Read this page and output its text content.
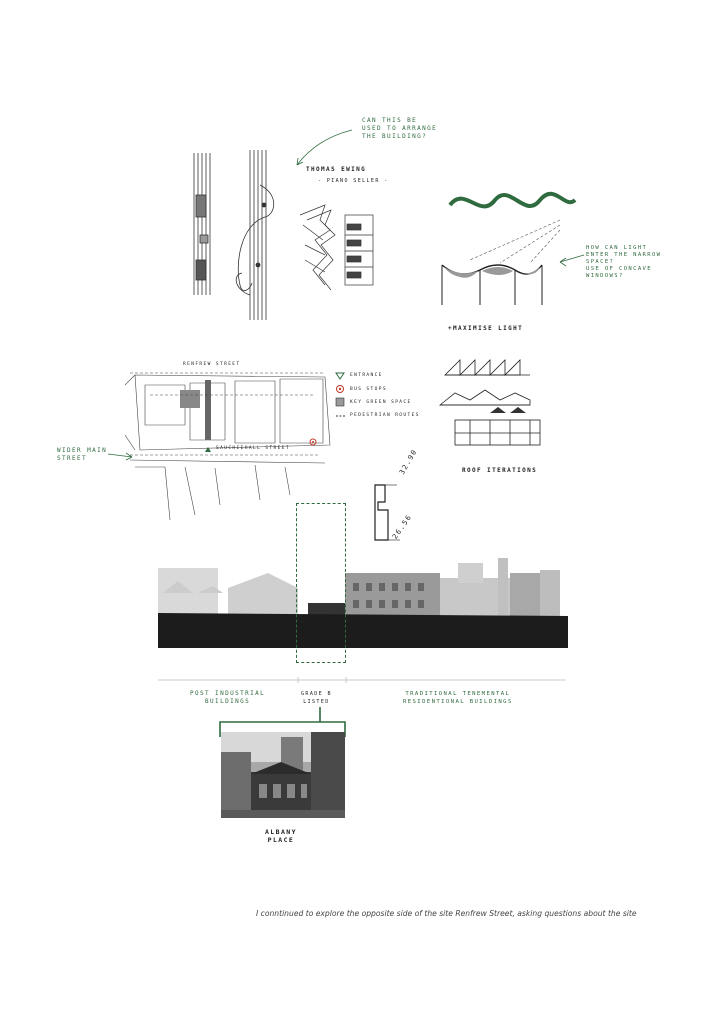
CAN THIS BE
USED TO ARRANGE
THE BUILDING?
THOMAS EWING
- PIANO SELLER -
HOW CAN LIGHT
ENTER THE NARROW
SPACE?
USE OF CONCAVE
WINDOWS?
+MAXIMISE LIGHT
RENFREW STREET
SAUCHIEHALL STREET
WIDER MAIN
STREET
ENTRANCE
BUS STOPS
KEY GREEN SPACE
PEDESTRIAN ROUTES
ROOF ITERATIONS
32.90
26.56
POST INDUSTRIAL
BUILDINGS
GRADE B
LISTED
TRADITIONAL TENEMENTAL
RESIDENTIONAL BUILDINGS
ALBANY
PLACE
I conntinued to explore the opposite side of the site Renfrew Street, asking questions about the site
